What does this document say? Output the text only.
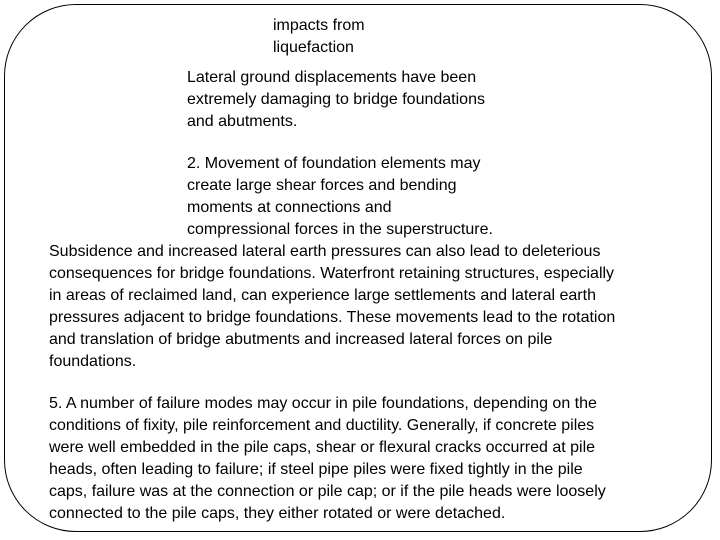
impacts from
liquefaction

Lateral ground displacements have been
extremely damaging to bridge foundations
and abutments.

2. Movement of foundation elements may
create large shear forces and bending
moments at connections and
compressional forces in the superstructure.

Subsidence and increased lateral earth pressures can also lead to deleterious
consequences for bridge foundations. Waterfront retaining structures, especially
in areas of reclaimed land, can experience large settlements and lateral earth
pressures adjacent to bridge foundations. These movements lead to the rotation
and translation of bridge abutments and increased lateral forces on pile
foundations.

5. A number of failure modes may occur in pile foundations, depending on the
conditions of fixity, pile reinforcement and ductility. Generally, if concrete piles
were well embedded in the pile caps, shear or flexural cracks occurred at pile
heads, often leading to failure; if steel pipe piles were fixed tightly in the pile
caps, failure was at the connection or pile cap; or if the pile heads were loosely
connected to the pile caps, they either rotated or were detached.
